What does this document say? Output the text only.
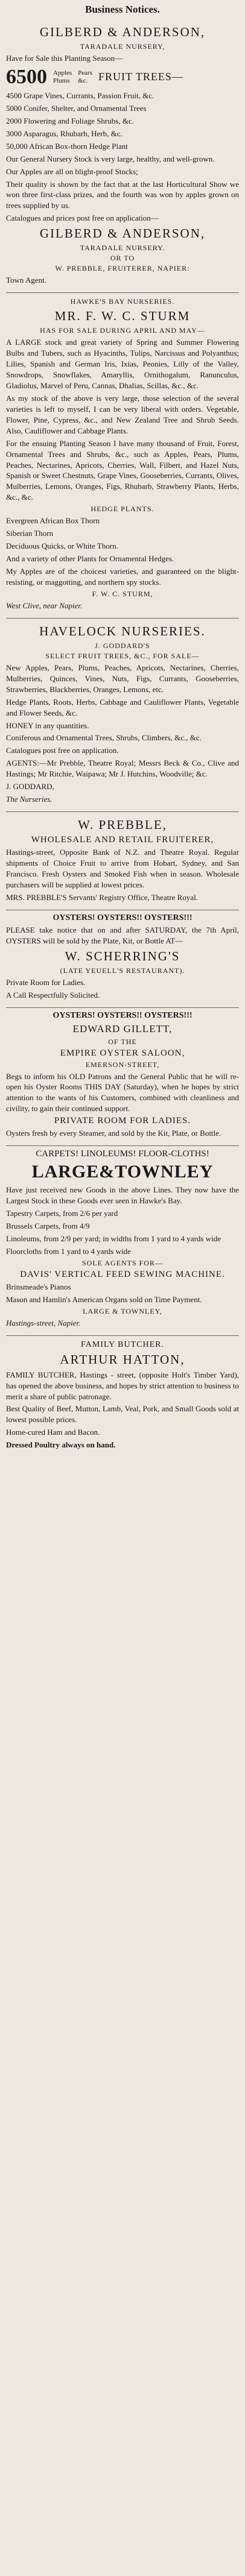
Business Notices.
GILBERD & ANDERSON,
TARADALE NURSERY,

Have for Sale this Planting Season—

6500 Apples
Plums
Pears
&c. FRUIT TREES—

4500 Grape Vines, Currants, Passion Fruit, &c.

5000 Conifer, Shelter, and Ornamental Trees

2000 Flowering and Foliage Shrubs, &c.

3000 Asparagus, Rhubarb, Herb, &c.

50,000 African Box-thorn Hedge Plant

Our General Nursery Stock is very large, healthy, and well-grown.

Our Apples are all on blight-proof Stocks;

Their quality is shown by the fact that at the last Horticultural Show we won three first-class prizes, and the fourth was won by apples grown on trees supplied by us.

Catalogues and prices post free on application—

GILBERD & ANDERSON,
TARADALE NURSERY.
OR TO
W. PREBBLE, FRUITERER, NAPIER:

Town Agent.

HAWKE'S BAY NURSERIES.
MR. F. W. C. STURM
HAS FOR SALE DURING APRIL AND MAY—

A LARGE stock and great variety of Spring and Summer Flowering Bulbs and Tubers, such as Hyacinths, Tulips, Narcissus and Polyanthus; Lilies, Spanish and German Iris, Ixias, Peonies, Lilly of the Valley, Snowdrops, Snowflakes, Amaryllis, Ornithogalum, Ranunculus, Gladiolus, Marvel of Peru, Cannas, Dhalias, Scillas, &c., &c.

As my stock of the above is very large, those selection of the several varieties is left to myself, I can be very liberal with orders. Vegetable, Flower, Pine, Cypress, &c., and New Zealand Tree and Shrub Seeds. Also, Cauliflower and Cabbage Plants.

For the ensuing Planting Season I have many thousand of Fruit, Forest, Ornamental Trees and Shrubs, &c., such as Apples, Pears, Plums, Peaches, Nectarines, Apricots, Cherries, Wall, Filbert, and Hazel Nuts, Spanish or Sweet Chestnuts, Grape Vines, Gooseberries, Currants, Olives, Mulberries, Lemons, Oranges, Figs, Rhubarb, Strawberry Plants, Herbs, &c., &c.

HEDGE PLANTS.

Evergreen African Box Thorn

Siberian Thorn

Deciduous Quicks, or White Thorn.

And a variety of other Plants for Ornamental Hedges.

My Apples are of the choicest varieties, and guaranteed on the blight-resisting, or maggotting, and northern spy stocks.

F. W. C. STURM,

West Clive, near Napier.

HAVELOCK NURSERIES.
J. GODDARD'S
SELECT FRUIT TREES, &C., FOR SALE—

New Apples, Pears, Plums, Peaches, Apricots, Nectarines, Cherries, Mulberries, Quinces, Vines, Nuts, Figs, Currants, Gooseberries, Strawberries, Blackberries, Oranges, Lemons, etc.

Hedge Plants, Roots, Herbs, Cabbage and Cauliflower Plants, Vegetable and Flower Seeds, &c.

HONEY in any quantities.

Coniferous and Ornamental Trees, Shrubs, Climbers, &c., &c.

Catalogues post free on application.

AGENTS:—Mr Prebble, Theatre Royal; Messrs Beck & Co., Clive and Hastings; Mr Ritchie, Waipawa; Mr J. Hutchins, Woodville; &c.

J. GODDARD,

The Nurseries.

W. PREBBLE,
WHOLESALE AND RETAIL FRUITERER,

Hastings-street, Opposite Bank of N.Z. and Theatre Royal. Regular shipments of Choice Fruit to arrive from Hobart, Sydney, and San Francisco. Fresh Oysters and Smoked Fish when in season. Wholesale purchasers will be supplied at lowest prices.

MRS. PREBBLE'S Servants' Registry Office, Theatre Royal.

OYSTERS! OYSTERS!! OYSTERS!!!

PLEASE take notice that on and after SATURDAY, the 7th April, OYSTERS will be sold by the Plate, Kit, or Bottle AT—

W. SCHERRING'S
(LATE YEUELL'S RESTAURANT).

Private Room for Ladies.

A Call Respectfully Solicited.

OYSTERS! OYSTERS!! OYSTERS!!!
EDWARD GILLETT,
OF THE
EMPIRE OYSTER SALOON,
EMERSON-STREET,

Begs to inform his OLD Patrons and the General Public that he will re-open his Oyster Rooms THIS DAY (Saturday), when he hopes by strict attention to the wants of his Customers, combined with cleanliness and civility, to gain their continued support.

PRIVATE ROOM FOR LADIES.

Oysters fresh by every Steamer, and sold by the Kit, Plate, or Bottle.

CARPETS! LINOLEUMS! FLOOR-CLOTHS!
LARGE&TOWNLEY

Have just received new Goods in the above Lines. They now have the Largest Stock in these Goods ever seen in Hawke's Bay.

Tapestry Carpets, from 2/6 per yard

Brussels Carpets, from 4/9

Linoleums, from 2/9 per yard; in widths from 1 yard to 4 yards wide

Floorcloths from 1 yard to 4 yards wide

SOLE AGENTS FOR—
DAVIS' VERTICAL FEED SEWING MACHINE.

Brinsmeade's Pianos

Mason and Hamlin's American Organs sold on Time Payment.

LARGE & TOWNLEY,

Hastings-street, Napier.

FAMILY BUTCHER.
ARTHUR HATTON,

FAMILY BUTCHER, Hastings - street, (opposite Holt's Timber Yard), has opened the above business, and hopes by strict attention to business to merit a share of public patronage.

Best Quality of Beef, Mutton, Lamb, Veal, Pork, and Small Goods sold at lowest possible prices.

Home-cured Ham and Bacon.

Dressed Poultry always on hand.
